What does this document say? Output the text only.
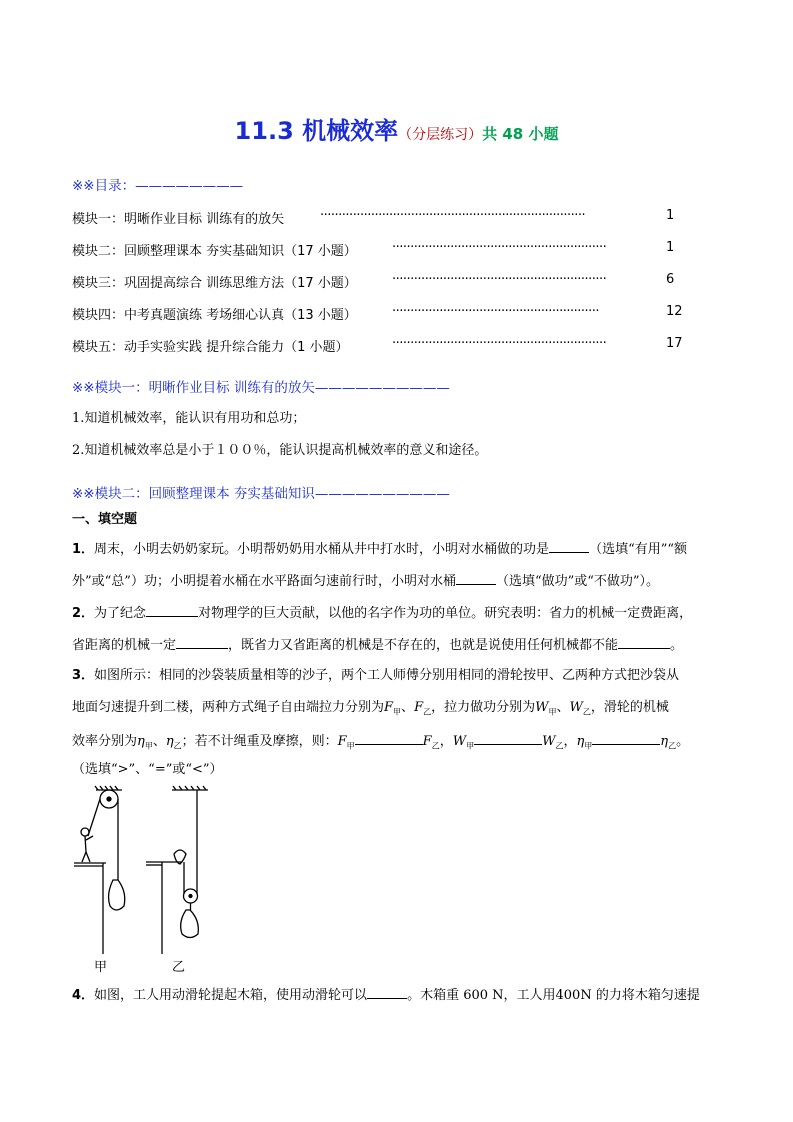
11.3 机械效率（分层练习）共 48 小题
※※目录：————————
模块一：明晰作业目标 训练有的放矢	·········································································	1
模块二：回顾整理课本 夯实基础知识（17 小题）	···························································	1
模块三：巩固提高综合 训练思维方法（17 小题）	···························································	6
模块四：中考真题演练 考场细心认真（13 小题）	·························································	12
模块五：动手实验实践 提升综合能力（1 小题）	···························································	17
※※模块一：明晰作业目标 训练有的放矢——————————
1.知道机械效率，能认识有用功和总功；
2.知道机械效率总是小于１００％，能认识提高机械效率的意义和途径。
※※模块二：回顾整理课本 夯实基础知识——————————
一、填空题
1．周末，小明去奶奶家玩。小明帮奶奶用水桶从井中打水时，小明对水桶做的功是	（选填“有用”“额
外”或“总”）功；小明提着水桶在水平路面匀速前行时，小明对水桶	（选填“做功”或“不做功”）。
2．为了纪念	对物理学的巨大贡献，以他的名字作为功的单位。研究表明：省力的机械一定费距离，
省距离的机械一定	，既省力又省距离的机械是不存在的，也就是说使用任何机械都不能	。
3．如图所示：相同的沙袋装质量相等的沙子，两个工人师傅分别用相同的滑轮按甲、乙两种方式把沙袋从
地面匀速提升到二楼，两种方式绳子自由端拉力分别为$F_甲$、$F_乙$，拉力做功分别为$W_甲$、$W_乙$，滑轮的机械
效率分别为$\eta_甲$、$\eta_乙$；若不计绳重及摩擦，则：$F_甲$	$F_乙$，$W_甲$	$W_乙$，$\eta_甲$	$\eta_乙$。
（选填“>”、“=”或“<”）
甲	乙
4．如图，工人用动滑轮提起木箱，使用动滑轮可以	。木箱重 600 N，工人用400N 的力将木箱匀速提
